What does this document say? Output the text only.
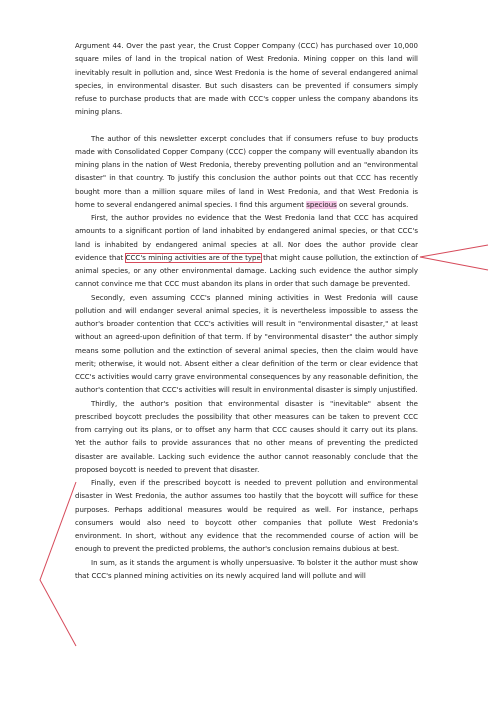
Argument 44. Over the past year, the Crust Copper Company (CCC) has purchased over 10,000 square miles of land in the tropical nation of West Fredonia. Mining copper on this land will inevitably result in pollution and, since West Fredonia is the home of several endangered animal species, in environmental disaster. But such disasters can be prevented if consumers simply refuse to purchase products that are made with CCC's copper unless the company abandons its mining plans.

The author of this newsletter excerpt concludes that if consumers refuse to buy products made with Consolidated Copper Company (CCC) copper the company will eventually abandon its mining plans in the nation of West Fredonia, thereby preventing pollution and an "environmental disaster" in that country. To justify this conclusion the author points out that CCC has recently bought more than a million square miles of land in West Fredonia, and that West Fredonia is home to several endangered animal species. I find this argument specious on several grounds.

First, the author provides no evidence that the West Fredonia land that CCC has acquired amounts to a significant portion of land inhabited by endangered animal species, or that CCC's land is inhabited by endangered animal species at all. Nor does the author provide clear evidence that CCC's mining activities are of the type that might cause pollution, the extinction of animal species, or any other environmental damage. Lacking such evidence the author simply cannot convince me that CCC must abandon its plans in order that such damage be prevented.

Secondly, even assuming CCC's planned mining activities in West Fredonia will cause pollution and will endanger several animal species, it is nevertheless impossible to assess the author's broader contention that CCC's activities will result in "environmental disaster," at least without an agreed-upon definition of that term. If by "environmental disaster" the author simply means some pollution and the extinction of several animal species, then the claim would have merit; otherwise, it would not. Absent either a clear definition of the term or clear evidence that CCC's activities would carry grave environmental consequences by any reasonable definition, the author's contention that CCC's activities will result in environmental disaster is simply unjustified.

Thirdly, the author's position that environmental disaster is "inevitable" absent the prescribed boycott precludes the possibility that other measures can be taken to prevent CCC from carrying out its plans, or to offset any harm that CCC causes should it carry out its plans. Yet the author fails to provide assurances that no other means of preventing the predicted disaster are available. Lacking such evidence the author cannot reasonably conclude that the proposed boycott is needed to prevent that disaster.

Finally, even if the prescribed boycott is needed to prevent pollution and environmental disaster in West Fredonia, the author assumes too hastily that the boycott will suffice for these purposes. Perhaps additional measures would be required as well. For instance, perhaps consumers would also need to boycott other companies that pollute West Fredonia's environment. In short, without any evidence that the recommended course of action will be enough to prevent the predicted problems, the author's conclusion remains dubious at best.

In sum, as it stands the argument is wholly unpersuasive. To bolster it the author must show that CCC's planned mining activities on its newly acquired land will pollute and will
